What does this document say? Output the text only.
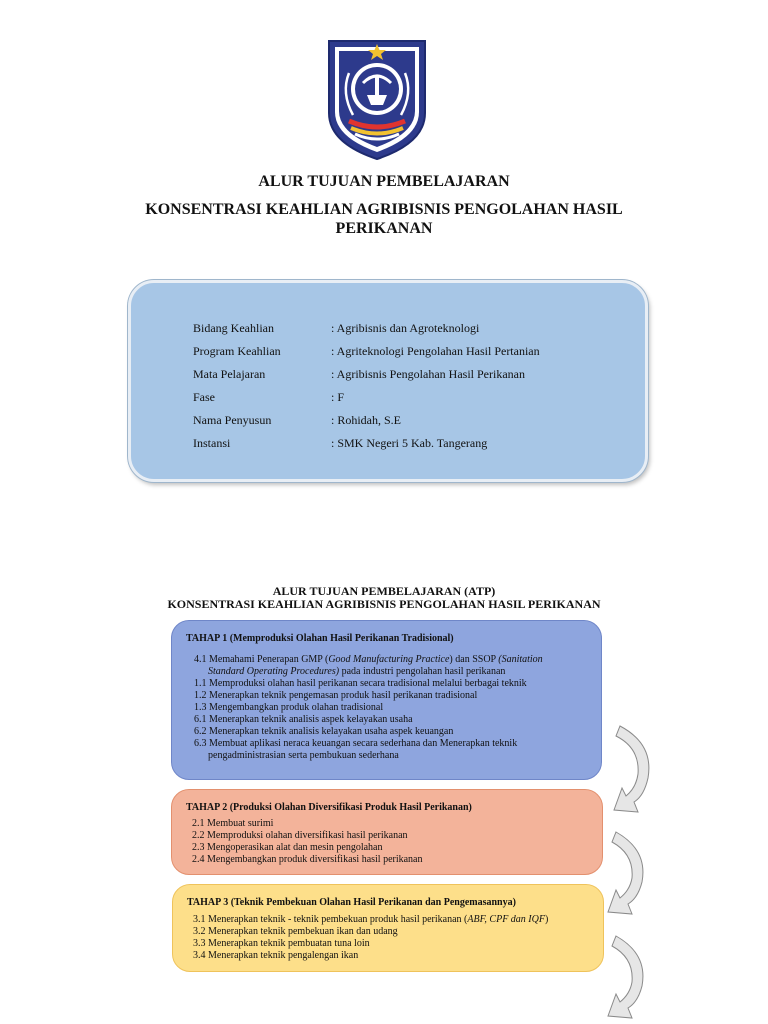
ALUR TUJUAN PEMBELAJARAN
KONSENTRASI KEAHLIAN AGRIBISNIS PENGOLAHAN HASIL PERIKANAN
Bidang Keahlian	: Agribisnis dan Agroteknologi
Program Keahlian	: Agriteknologi Pengolahan Hasil Pertanian
Mata Pelajaran	: Agribisnis Pengolahan Hasil Perikanan
Fase	: F
Nama Penyusun	: Rohidah, S.E
Instansi	: SMK Negeri 5 Kab. Tangerang
ALUR TUJUAN PEMBELAJARAN (ATP)
KONSENTRASI KEAHLIAN AGRIBISNIS PENGOLAHAN HASIL PERIKANAN
TAHAP 1 (Memproduksi Olahan Hasil Perikanan Tradisional)
4.1 Memahami Penerapan GMP (Good Manufacturing Practice) dan SSOP (Sanitation
Standard Operating Procedures) pada industri pengolahan hasil perikanan
1.1 Memproduksi olahan hasil perikanan secara tradisional melalui berbagai teknik
1.2 Menerapkan teknik pengemasan produk hasil perikanan tradisional
1.3 Mengembangkan produk olahan tradisional
6.1 Menerapkan teknik analisis aspek kelayakan usaha
6.2 Menerapkan teknik analisis kelayakan usaha aspek keuangan
6.3 Membuat aplikasi neraca keuangan secara sederhana dan Menerapkan teknik
pengadministrasian serta pembukuan sederhana
TAHAP 2 (Produksi Olahan Diversifikasi Produk Hasil Perikanan)
2.1 Membuat surimi
2.2 Memproduksi olahan diversifikasi hasil perikanan
2.3 Mengoperasikan alat dan mesin pengolahan
2.4 Mengembangkan produk diversifikasi hasil perikanan
TAHAP 3 (Teknik Pembekuan Olahan Hasil Perikanan dan Pengemasannya)
3.1 Menerapkan teknik - teknik pembekuan produk hasil perikanan (ABF, CPF dan IQF)
3.2 Menerapkan teknik pembekuan ikan dan udang
3.3 Menerapkan teknik pembuatan tuna loin
3.4 Menerapkan teknik pengalengan ikan
